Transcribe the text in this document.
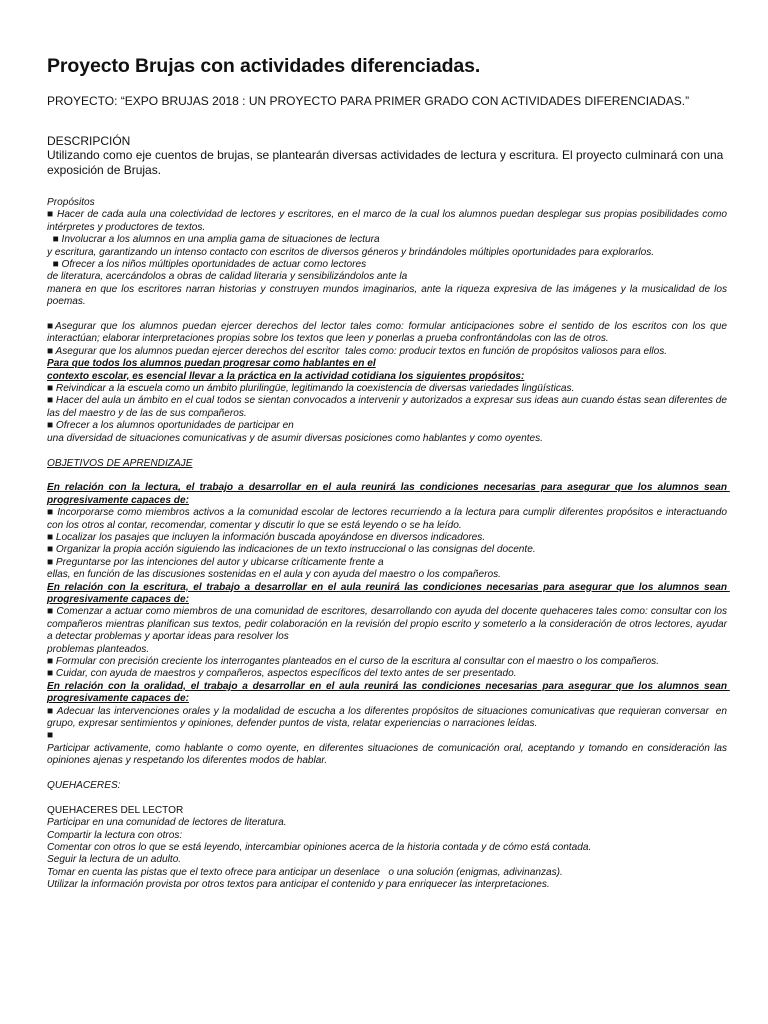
Proyecto Brujas con actividades diferenciadas.

PROYECTO: “EXPO BRUJAS 2018 : UN PROYECTO PARA PRIMER GRADO CON ACTIVIDADES DIFERENCIADAS.”

DESCRIPCIÓN

Utilizando como eje cuentos de brujas, se plantearán diversas actividades de lectura y escritura. El proyecto culminará con una exposición de Brujas.

Propósitos
■ Hacer de cada aula una colectividad de lectores y escritores, en el marco de la cual los alumnos puedan desplegar sus propias posibilidades como intérpretes y productores de textos.
■ Involucrar a los alumnos en una amplia gama de situaciones de lectura
y escritura, garantizando un intenso contacto con escritos de diversos géneros y brindándoles múltiples oportunidades para explorarlos.
■ Ofrecer a los niños múltiples oportunidades de actuar como lectores
de literatura, acercándolos a obras de calidad literaria y sensibilizándolos ante la
manera en que los escritores narran historias y construyen mundos imaginarios, ante la riqueza expresiva de las imágenes y la musicalidad de los poemas.
■Asegurar que los alumnos puedan ejercer derechos del lector tales como: formular anticipaciones sobre el sentido de los escritos con los que interactúan; elaborar interpretaciones propias sobre los textos que leen y ponerlas a prueba confrontándolas con las de otros.
■ Asegurar que los alumnos puedan ejercer derechos del escritor  tales como: producir textos en función de propósitos valiosos para ellos.
Para que todos los alumnos puedan progresar como hablantes en el
contexto escolar, es esencial llevar a la práctica en la actividad cotidiana los siguientes propósitos:
■ Reivindicar a la escuela como un ámbito plurilingüe, legitimando la coexistencia de diversas variedades lingüísticas.
■ Hacer del aula un ámbito en el cual todos se sientan convocados a intervenir y autorizados a expresar sus ideas aun cuando éstas sean diferentes de las del maestro y de las de sus compañeros.
■ Ofrecer a los alumnos oportunidades de participar en
una diversidad de situaciones comunicativas y de asumir diversas posiciones como hablantes y como oyentes.
OBJETIVOS DE APRENDIZAJE
En relación con la lectura, el trabajo a desarrollar en el aula reunirá las condiciones necesarias para asegurar que los alumnos sean progresivamente capaces de:
■ Incorporarse como miembros activos a la comunidad escolar de lectores recurriendo a la lectura para cumplir diferentes propósitos e interactuando con los otros al contar, recomendar, comentar y discutir lo que se está leyendo o se ha leído.
■ Localizar los pasajes que incluyen la información buscada apoyándose en diversos indicadores.
■ Organizar la propia acción siguiendo las indicaciones de un texto instruccional o las consignas del docente.
■ Preguntarse por las intenciones del autor y ubicarse críticamente frente a
ellas, en función de las discusiones sostenidas en el aula y con ayuda del maestro o los compañeros.
En relación con la escritura, el trabajo a desarrollar en el aula reunirá las condiciones necesarias para asegurar que los alumnos sean progresivamente capaces de:
■ Comenzar a actuar como miembros de una comunidad de escritores, desarrollando con ayuda del docente quehaceres tales como: consultar con los compañeros mientras planifican sus textos, pedir colaboración en la revisión del propio escrito y someterlo a la consideración de otros lectores, ayudar a detectar problemas y aportar ideas para resolver los
problemas planteados.
■ Formular con precisión creciente los interrogantes planteados en el curso de la escritura al consultar con el maestro o los compañeros.
■ Cuidar, con ayuda de maestros y compañeros, aspectos específicos del texto antes de ser presentado.
En relación con la oralidad, el trabajo a desarrollar en el aula reunirá las condiciones necesarias para asegurar que los alumnos sean progresivamente capaces de:
■ Adecuar las intervenciones orales y la modalidad de escucha a los diferentes propósitos de situaciones comunicativas que requieran conversar  en grupo, expresar sentimientos y opiniones, defender puntos de vista, relatar experiencias o narraciones leídas.
■
Participar activamente, como hablante o como oyente, en diferentes situaciones de comunicación oral, aceptando y tomando en consideración las opiniones ajenas y respetando los diferentes modos de hablar.
QUEHACERES:
QUEHACERES DEL LECTOR
Participar en una comunidad de lectores de literatura.
Compartir la lectura con otros:
Comentar con otros lo que se está leyendo, intercambiar opiniones acerca de la historia contada y de cómo está contada.
Seguir la lectura de un adulto.
Tomar en cuenta las pistas que el texto ofrece para anticipar un desenlace   o una solución (enigmas, adivinanzas).
Utilizar la información provista por otros textos para anticipar el contenido y para enriquecer las interpretaciones.
